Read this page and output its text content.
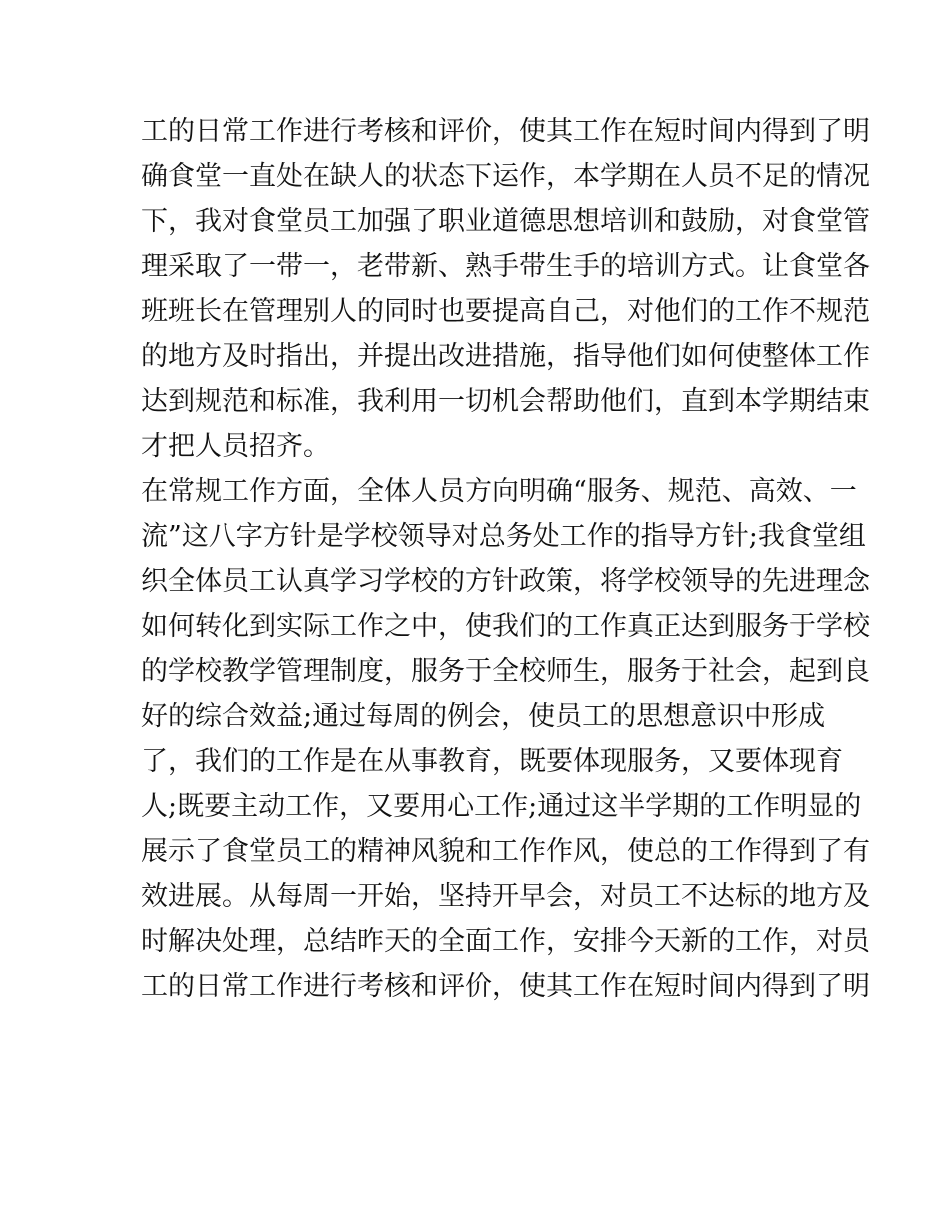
工的日常工作进行考核和评价，使其工作在短时间内得到了明
确食堂一直处在缺人的状态下运作，本学期在人员不足的情况
下，我对食堂员工加强了职业道德思想培训和鼓励，对食堂管
理采取了一带一，老带新、熟手带生手的培训方式。让食堂各
班班长在管理别人的同时也要提高自己，对他们的工作不规范
的地方及时指出，并提出改进措施，指导他们如何使整体工作
达到规范和标准，我利用一切机会帮助他们，直到本学期结束
才把人员招齐。
在常规工作方面，全体人员方向明确“服务、规范、高效、一
流”这八字方针是学校领导对总务处工作的指导方针;我食堂组
织全体员工认真学习学校的方针政策，将学校领导的先进理念
如何转化到实际工作之中，使我们的工作真正达到服务于学校
的学校教学管理制度，服务于全校师生，服务于社会，起到良
好的综合效益;通过每周的例会，使员工的思想意识中形成
了，我们的工作是在从事教育，既要体现服务，又要体现育
人;既要主动工作，又要用心工作;通过这半学期的工作明显的
展示了食堂员工的精神风貌和工作作风，使总的工作得到了有
效进展。从每周一开始，坚持开早会，对员工不达标的地方及
时解决处理，总结昨天的全面工作，安排今天新的工作，对员
工的日常工作进行考核和评价，使其工作在短时间内得到了明
